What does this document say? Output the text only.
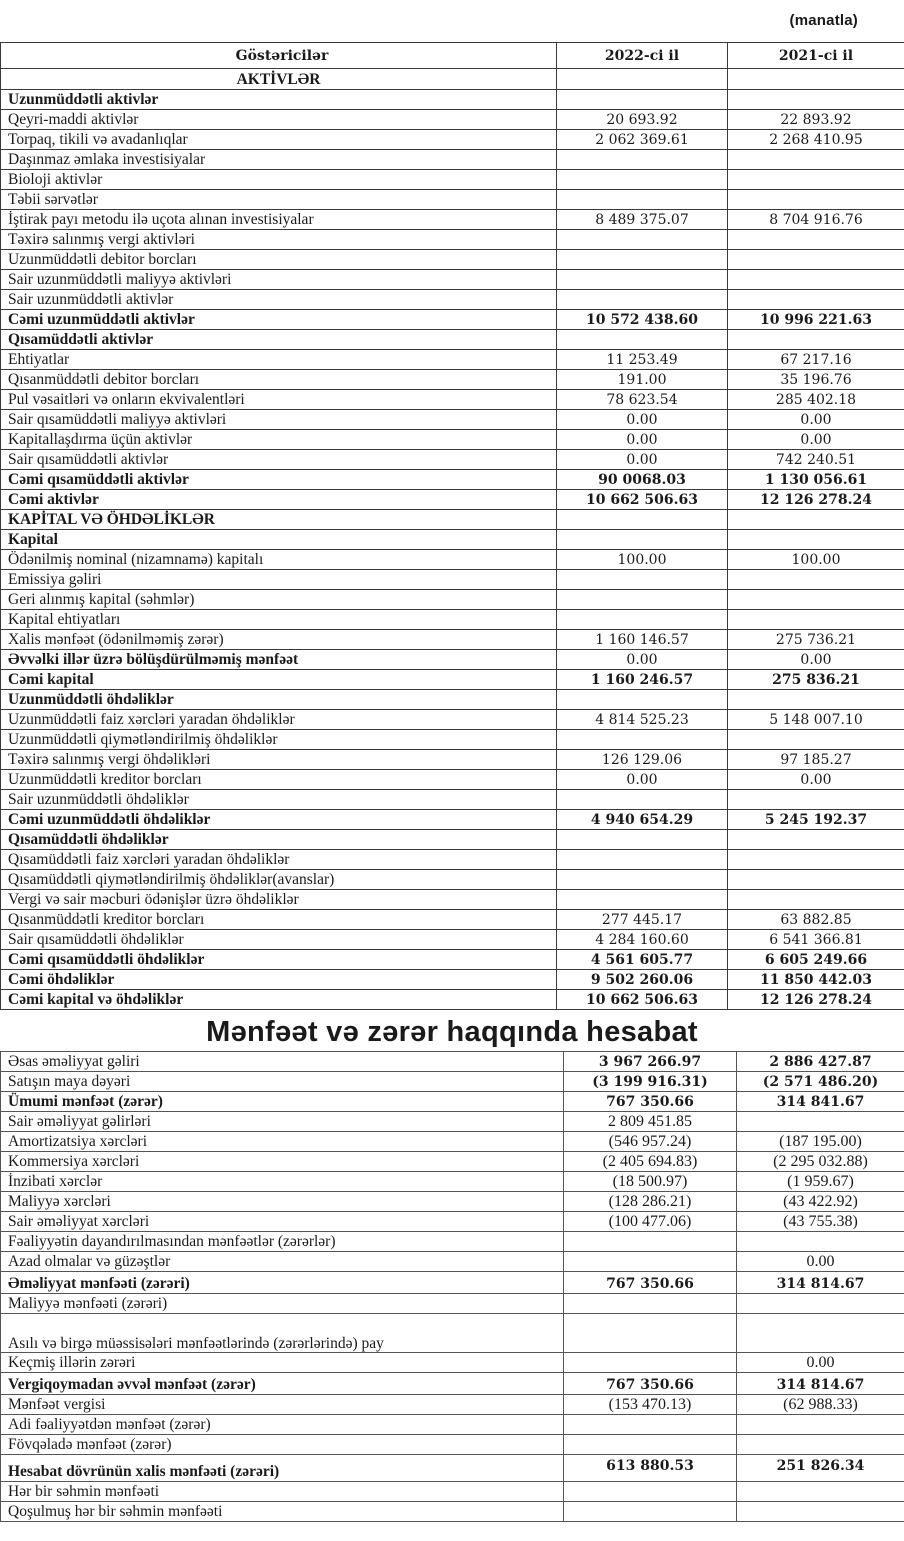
(manatla)
Göstəricilər	2022-ci il	2021-ci il
AKTİVLƏR		
Uzunmüddətli aktivlər		
Qeyri-maddi aktivlər	20 693.92	22 893.92
Torpaq, tikili və avadanlıqlar	2 062 369.61	2 268 410.95
Daşınmaz əmlaka investisiyalar		
Bioloji aktivlər		
Təbii sərvətlər		
İştirak payı metodu ilə uçota alınan investisiyalar	8 489 375.07	8 704 916.76
Təxirə salınmış vergi aktivləri		
Uzunmüddətli debitor borcları		
Sair uzunmüddətli maliyyə aktivləri		
Sair uzunmüddətli aktivlər		
Cəmi uzunmüddətli aktivlər	10 572 438.60	10 996 221.63
Qısamüddətli aktivlər		
Ehtiyatlar	11 253.49	67 217.16
Qısanmüddətli debitor borcları	191.00	35 196.76
Pul vəsaitləri və onların ekvivalentləri	78 623.54	285 402.18
Sair qısamüddətli maliyyə aktivləri	0.00	0.00
Kapitallaşdırma üçün aktivlər	0.00	0.00
Sair qısamüddətli aktivlər	0.00	742 240.51
Cəmi qısamüddətli aktivlər	90 0068.03	1 130 056.61
Cəmi aktivlər	10 662 506.63	12 126 278.24
KAPİTAL VƏ ÖHDƏLİKLƏR		
Kapital		
Ödənilmiş nominal (nizamnamə) kapitalı	100.00	100.00
Emissiya gəliri		
Geri alınmış kapital (səhmlər)		
Kapital ehtiyatları		
Xalis mənfəət (ödənilməmiş zərər)	1 160 146.57	275 736.21
Əvvəlki illər üzrə bölüşdürülməmiş mənfəət	0.00	0.00
Cəmi kapital	1 160 246.57	275 836.21
Uzunmüddətli öhdəliklər		
Uzunmüddətli faiz xərcləri yaradan öhdəliklər	4 814 525.23	5 148 007.10
Uzunmüddətli qiymətləndirilmiş öhdəliklər		
Təxirə salınmış vergi öhdəlikləri	126 129.06	97 185.27
Uzunmüddətli kreditor borcları	0.00	0.00
Sair uzunmüddətli öhdəliklər		
Cəmi uzunmüddətli öhdəliklər	4 940 654.29	5 245 192.37
Qısamüddətli öhdəliklər		
Qısamüddətli faiz xərcləri yaradan öhdəliklər		
Qısamüddətli qiymətləndirilmiş öhdəliklər(avanslar)		
Vergi və sair məcburi ödənişlər üzrə öhdəliklər		
Qısanmüddətli kreditor borcları	277 445.17	63 882.85
Sair qısamüddətli öhdəliklər	4 284 160.60	6 541 366.81
Cəmi qısamüddətli öhdəliklər	4 561 605.77	6 605 249.66
Cəmi öhdəliklər	9 502 260.06	11 850 442.03
Cəmi kapital və öhdəliklər	10 662 506.63	12 126 278.24
Mənfəət və zərər haqqında hesabat
Əsas əməliyyat gəliri	3 967 266.97	2 886 427.87
Satışın maya dəyəri	(3 199 916.31)	(2 571 486.20)
Ümumi mənfəət (zərər)	767 350.66	314 841.67
Sair əməliyyat gəlirləri	2 809 451.85	
Amortizatsiya xərcləri	(546 957.24)	(187 195.00)
Kommersiya xərcləri	(2 405 694.83)	(2 295 032.88)
İnzibati xərclər	(18 500.97)	(1 959.67)
Maliyyə xərcləri	(128 286.21)	(43 422.92)
Sair əməliyyat xərcləri	(100 477.06)	(43 755.38)
Fəaliyyətin dayandırılmasından mənfəətlər (zərərlər)		
Azad olmalar və güzəştlər		0.00
Əməliyyat mənfəəti (zərəri)	767 350.66	314 814.67
Maliyyə mənfəəti (zərəri)		
Asılı və birgə müəssisələri mənfəətlərində (zərərlərində) pay		
Keçmiş illərin zərəri		0.00
Vergiqoymadan əvvəl mənfəət (zərər)	767 350.66	314 814.67
Mənfəət vergisi	(153 470.13)	(62 988.33)
Adi fəaliyyətdən mənfəət (zərər)		
Fövqəladə mənfəət (zərər)		
Hesabat dövrünün xalis mənfəəti (zərəri)	613 880.53	251 826.34
Hər bir səhmin mənfəəti		
Qoşulmuş hər bir səhmin mənfəəti		
